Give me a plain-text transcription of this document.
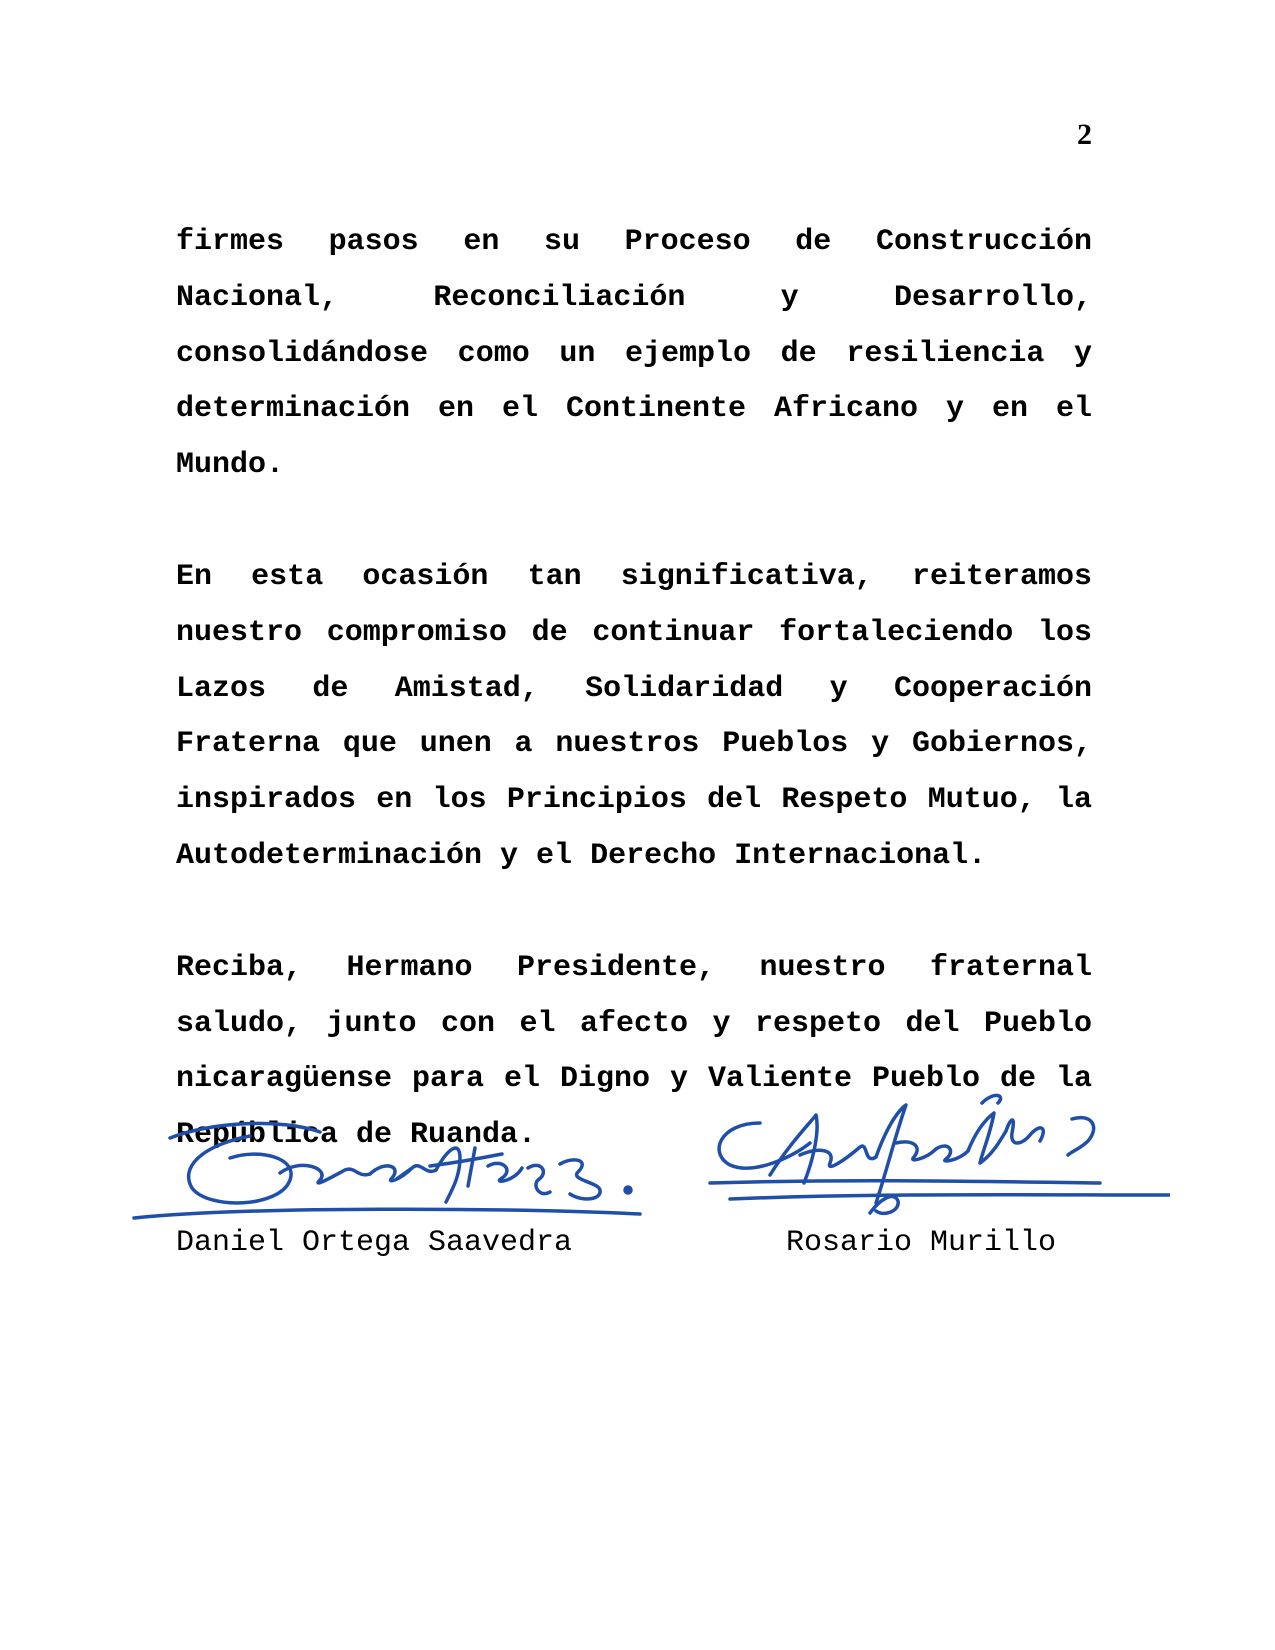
2

firmes pasos en su Proceso de Construcción Nacional, Reconciliación y Desarrollo, consolidándose como un ejemplo de resiliencia y determinación en el Continente Africano y en el Mundo.

En esta ocasión tan significativa, reiteramos nuestro compromiso de continuar fortaleciendo los Lazos de Amistad, Solidaridad y Cooperación Fraterna que unen a nuestros Pueblos y Gobiernos, inspirados en los Principios del Respeto Mutuo, la Autodeterminación y el Derecho Internacional.

Reciba, Hermano Presidente, nuestro fraternal saludo, junto con el afecto y respeto del Pueblo nicaragüense para el Digno y Valiente Pueblo de la República de Ruanda.

Daniel Ortega Saavedra	Rosario Murillo
